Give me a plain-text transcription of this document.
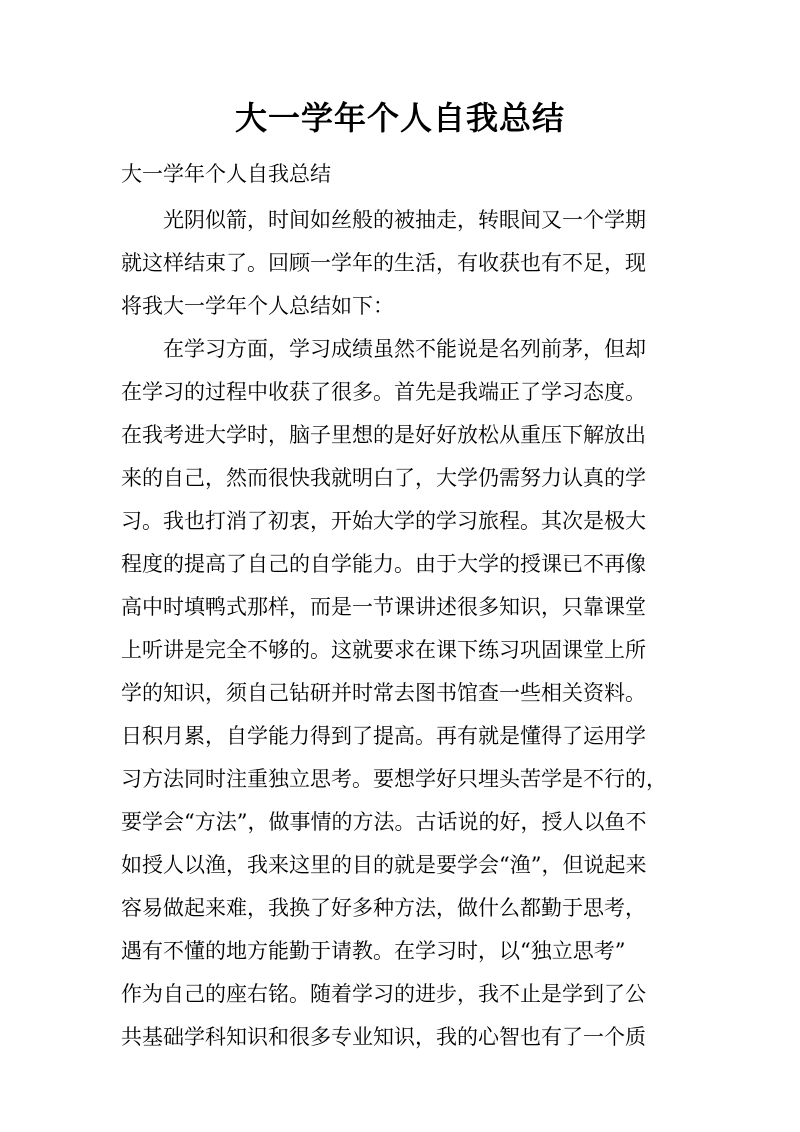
大一学年个人自我总结
大一学年个人自我总结
光阴似箭，时间如丝般的被抽走，转眼间又一个学期
就这样结束了。回顾一学年的生活，有收获也有不足，现
将我大一学年个人总结如下：
在学习方面，学习成绩虽然不能说是名列前茅，但却
在学习的过程中收获了很多。首先是我端正了学习态度。
在我考进大学时，脑子里想的是好好放松从重压下解放出
来的自己，然而很快我就明白了，大学仍需努力认真的学
习。我也打消了初衷，开始大学的学习旅程。其次是极大
程度的提高了自己的自学能力。由于大学的授课已不再像
高中时填鸭式那样，而是一节课讲述很多知识，只靠课堂
上听讲是完全不够的。这就要求在课下练习巩固课堂上所
学的知识，须自己钻研并时常去图书馆查一些相关资料。
日积月累，自学能力得到了提高。再有就是懂得了运用学
习方法同时注重独立思考。要想学好只埋头苦学是不行的，
要学会“方法”，做事情的方法。古话说的好，授人以鱼不
如授人以渔，我来这里的目的就是要学会“渔”，但说起来
容易做起来难，我换了好多种方法，做什么都勤于思考，
遇有不懂的地方能勤于请教。在学习时，以“独立思考”
作为自己的座右铭。随着学习的进步，我不止是学到了公
共基础学科知识和很多专业知识，我的心智也有了一个质
